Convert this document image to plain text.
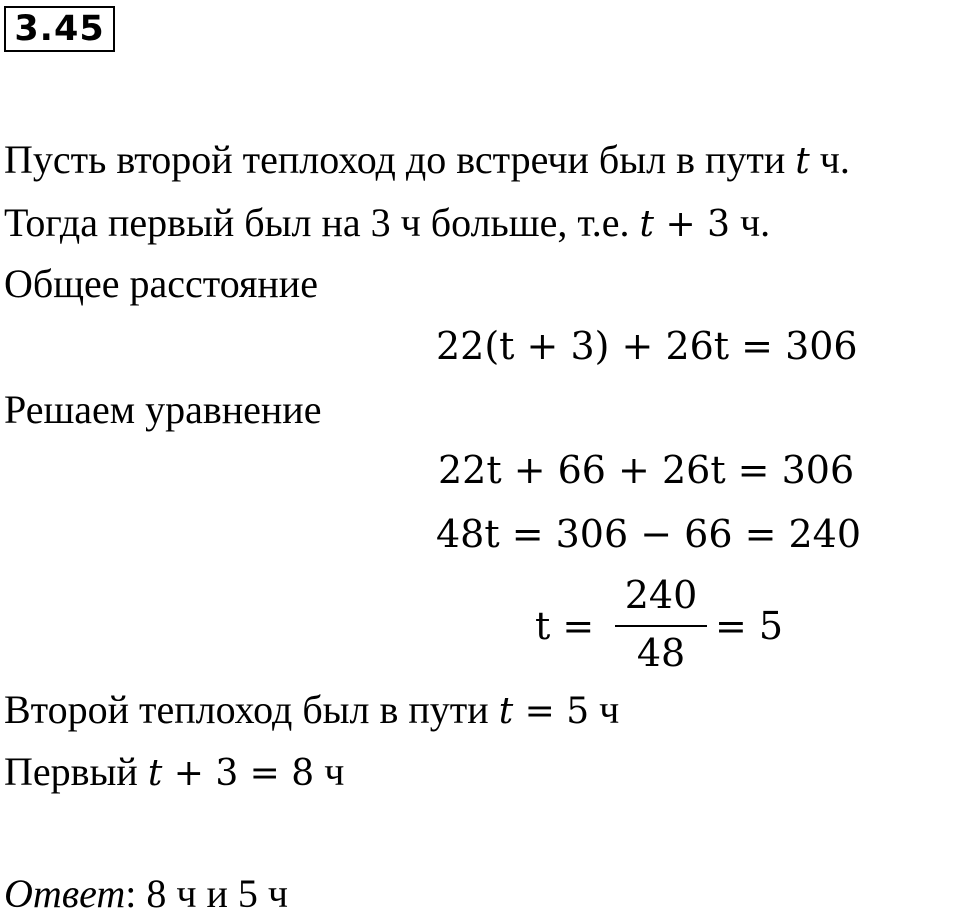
3.45
Пусть второй теплоход до встречи был в пути t ч.
Тогда первый был на 3 ч больше, т.е. t + 3 ч.
Общее расстояние
22(t + 3) + 26t = 306
Решаем уравнение
22t + 66 + 26t = 306
48t = 306 − 66 = 240
t =
240
48
= 5
Второй теплоход был в пути t = 5 ч
Первый t + 3 = 8 ч
Ответ: 8 ч и 5 ч
